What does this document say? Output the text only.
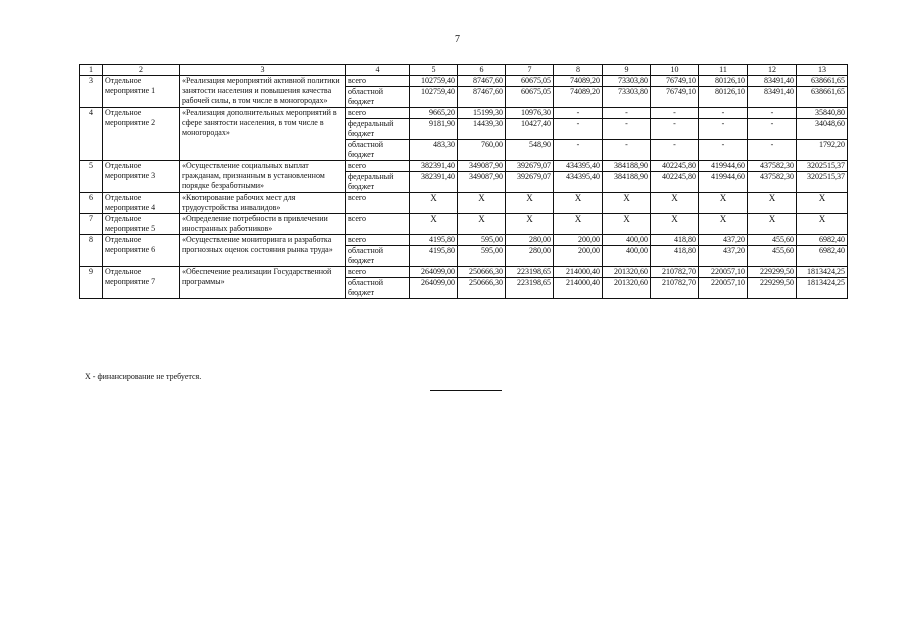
7
1	2	3	4	5	6	7	8	9	10	11	12	13
3	Отдельное мероприятие 1	«Реализация мероприятий активной политики занятости населения и повышения качества рабочей силы, в том числе в моногородах»	всего	102759,40	87467,60	60675,05	74089,20	73303,80	76749,10	80126,10	83491,40	638661,65
			областной бюджет	102759,40	87467,60	60675,05	74089,20	73303,80	76749,10	80126,10	83491,40	638661,65
4	Отдельное мероприятие 2	«Реализация дополнительных мероприятий в сфере занятости населения, в том числе в моногородах»	всего	9665,20	15199,30	10976,30	-	-	-	-	-	35840,80
			федеральный бюджет	9181,90	14439,30	10427,40	-	-	-	-	-	34048,60
			областной бюджет	483,30	760,00	548,90	-	-	-	-	-	1792,20
5	Отдельное мероприятие 3	«Осуществление социальных выплат гражданам, признанным в установленном порядке безработными»	всего	382391,40	349087,90	392679,07	434395,40	384188,90	402245,80	419944,60	437582,30	3202515,37
			федеральный бюджет	382391,40	349087,90	392679,07	434395,40	384188,90	402245,80	419944,60	437582,30	3202515,37
6	Отдельное мероприятие 4	«Квотирование рабочих мест для трудоустройства инвалидов»	всего	Х	Х	Х	Х	Х	Х	Х	Х	Х
7	Отдельное мероприятие 5	«Определение потребности в привлечении иностранных работников»	всего	Х	Х	Х	Х	Х	Х	Х	Х	Х
8	Отдельное мероприятие 6	«Осуществление мониторинга и разработка прогнозных оценок состояния рынка труда»	всего	4195,80	595,00	280,00	200,00	400,00	418,80	437,20	455,60	6982,40
			областной бюджет	4195,80	595,00	280,00	200,00	400,00	418,80	437,20	455,60	6982,40
9	Отдельное мероприятие 7	«Обеспечение реализации Государственной программы»	всего	264099,00	250666,30	223198,65	214000,40	201320,60	210782,70	220057,10	229299,50	1813424,25
			областной бюджет	264099,00	250666,30	223198,65	214000,40	201320,60	210782,70	220057,10	229299,50	1813424,25
Х - финансирование не требуется.
